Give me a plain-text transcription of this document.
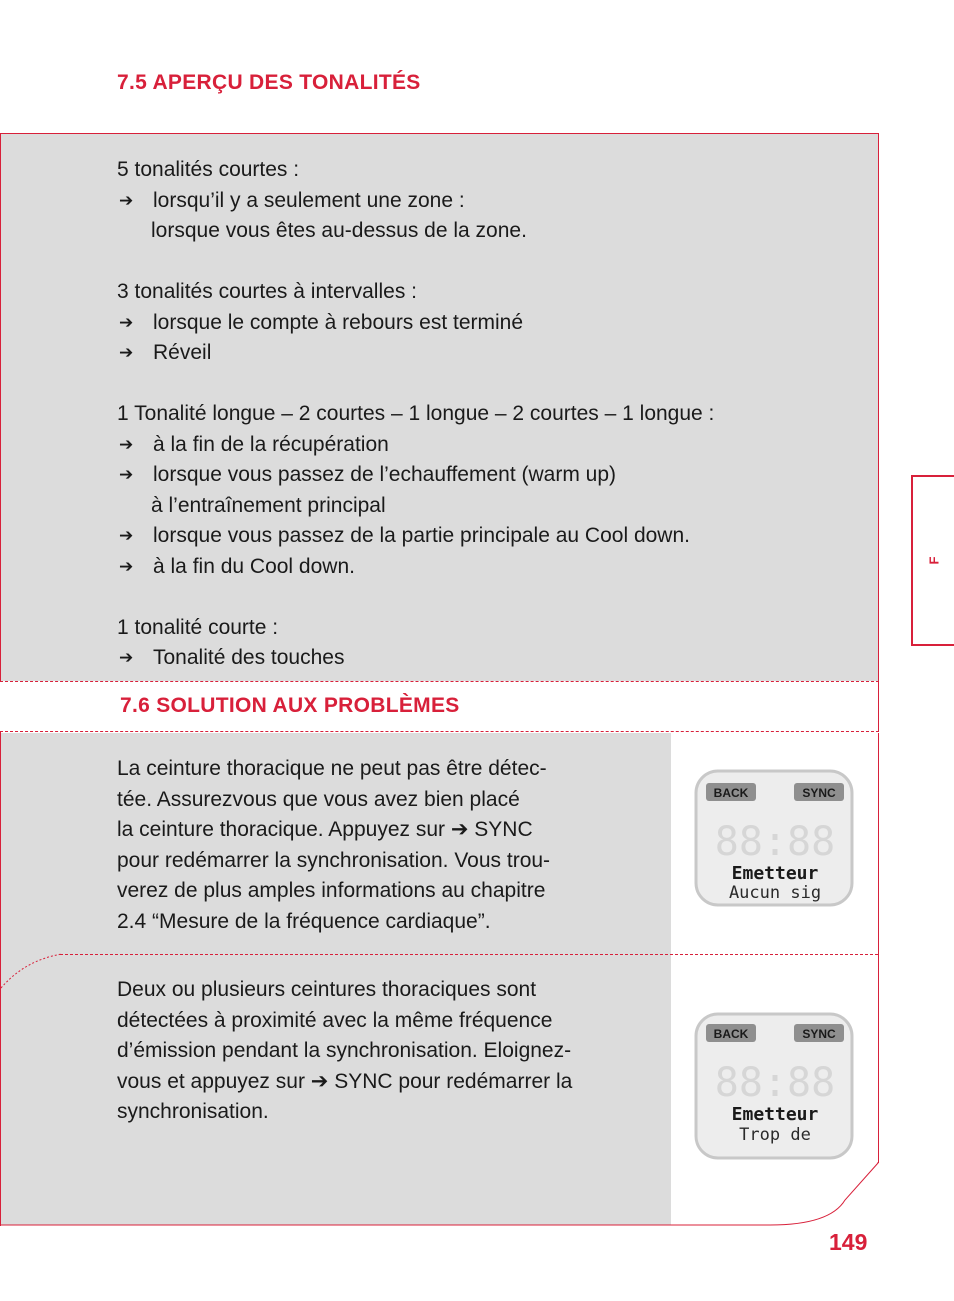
7.5 APERÇU DES TONALITÉS
5 tonalités courtes :
➔ lorsqu’il y a seulement une zone :
lorsque vous êtes au-dessus de la zone.
3 tonalités courtes à intervalles :
➔ lorsque le compte à rebours est terminé
➔ Réveil
1 Tonalité longue – 2 courtes – 1 longue – 2 courtes – 1 longue :
➔ à la fin de la récupération
➔ lorsque vous passez de l’echauffement (warm up)
à l’entraînement principal
➔ lorsque vous passez de la partie principale au Cool down.
➔ à la fin du Cool down.
1 tonalité courte :
➔ Tonalité des touches
7.6 SOLUTION AUX PROBLÈMES
La ceinture thoracique ne peut pas être détec-
tée. Assurezvous que vous avez bien placé
la ceinture thoracique. Appuyez sur ➔ SYNC
pour redémarrer la synchronisation. Vous trou-
verez de plus amples informations au chapitre
2.4 “Mesure de la fréquence cardiaque”.
Deux ou plusieurs ceintures thoraciques sont
détectées à proximité avec la même fréquence
d’émission pendant la synchronisation. Eloignez-
vous et appuyez sur ➔ SYNC pour redémarrer la
synchronisation.
BACK	SYNC
88:88
Emetteur
Aucun sig
BACK	SYNC
88:88
Emetteur
Trop de
F
149
